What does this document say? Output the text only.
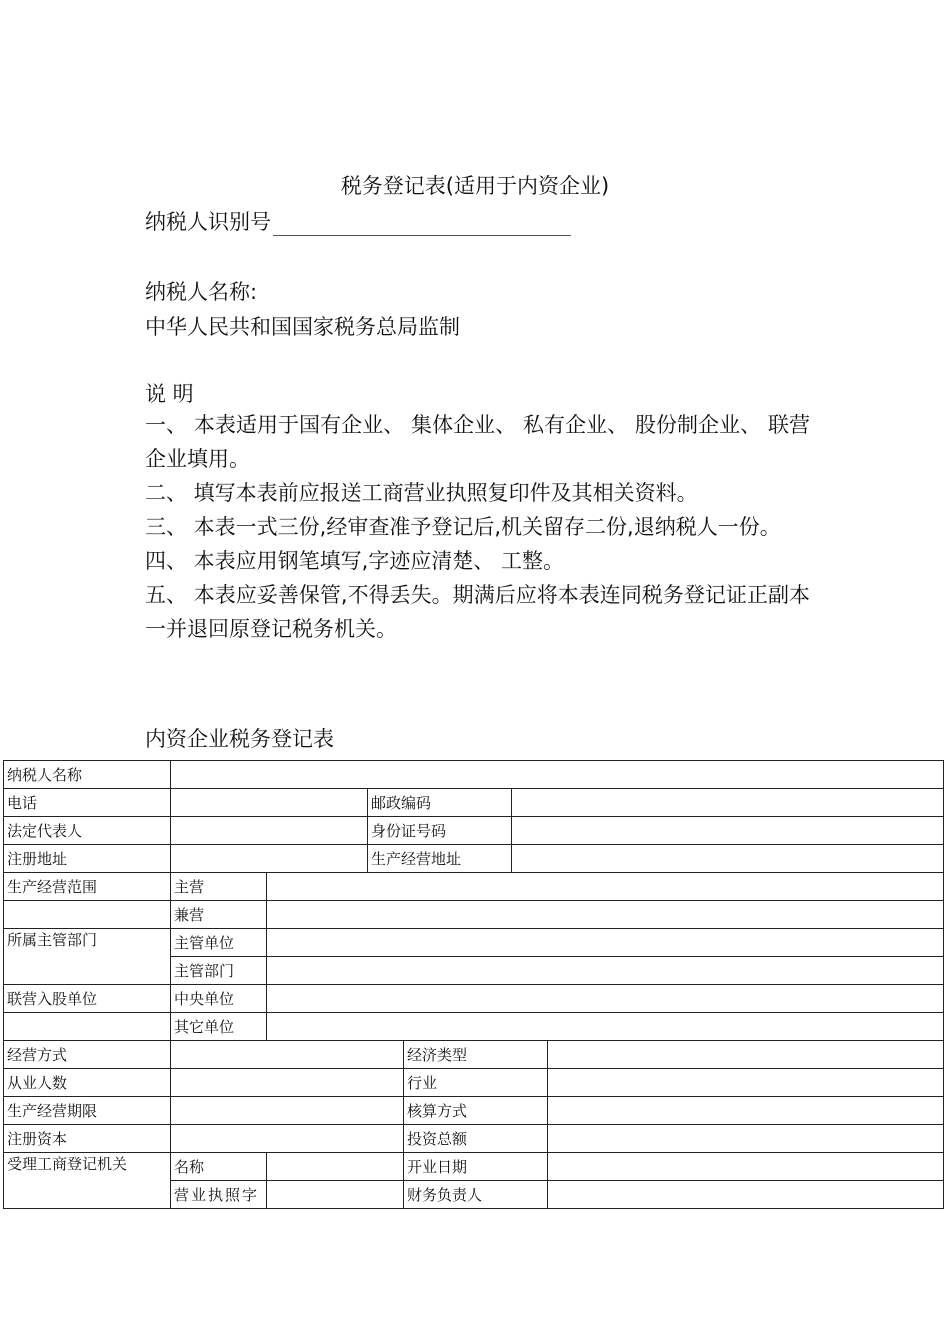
税务登记表(适用于内资企业)
纳税人识别号
纳税人名称:
中华人民共和国国家税务总局监制
说 明

一、 本表适用于国有企业、 集体企业、 私有企业、 股份制企业、 联营企业填用。

二、 填写本表前应报送工商营业执照复印件及其相关资料。

三、 本表一式三份,经审查准予登记后,机关留存二份,退纳税人一份。

四、 本表应用钢笔填写,字迹应清楚、 工整。

五、 本表应妥善保管,不得丢失。期满后应将本表连同税务登记证正副本一并退回原登记税务机关。

内资企业税务登记表
纳税人名称						
电话			邮政编码			
法定代表人			身份证号码			
注册地址			生产经营地址			
生产经营范围	主营					
	兼营					
所属主管部门	主管单位					
	主管部门					
联营入股单位	中央单位					
	其它单位					
经营方式				经济类型		
从业人数				行业		
生产经营期限				核算方式		
注册资本				投资总额		
受理工商登记机关	名称			开业日期		
	营业执照字			财务负责人		
